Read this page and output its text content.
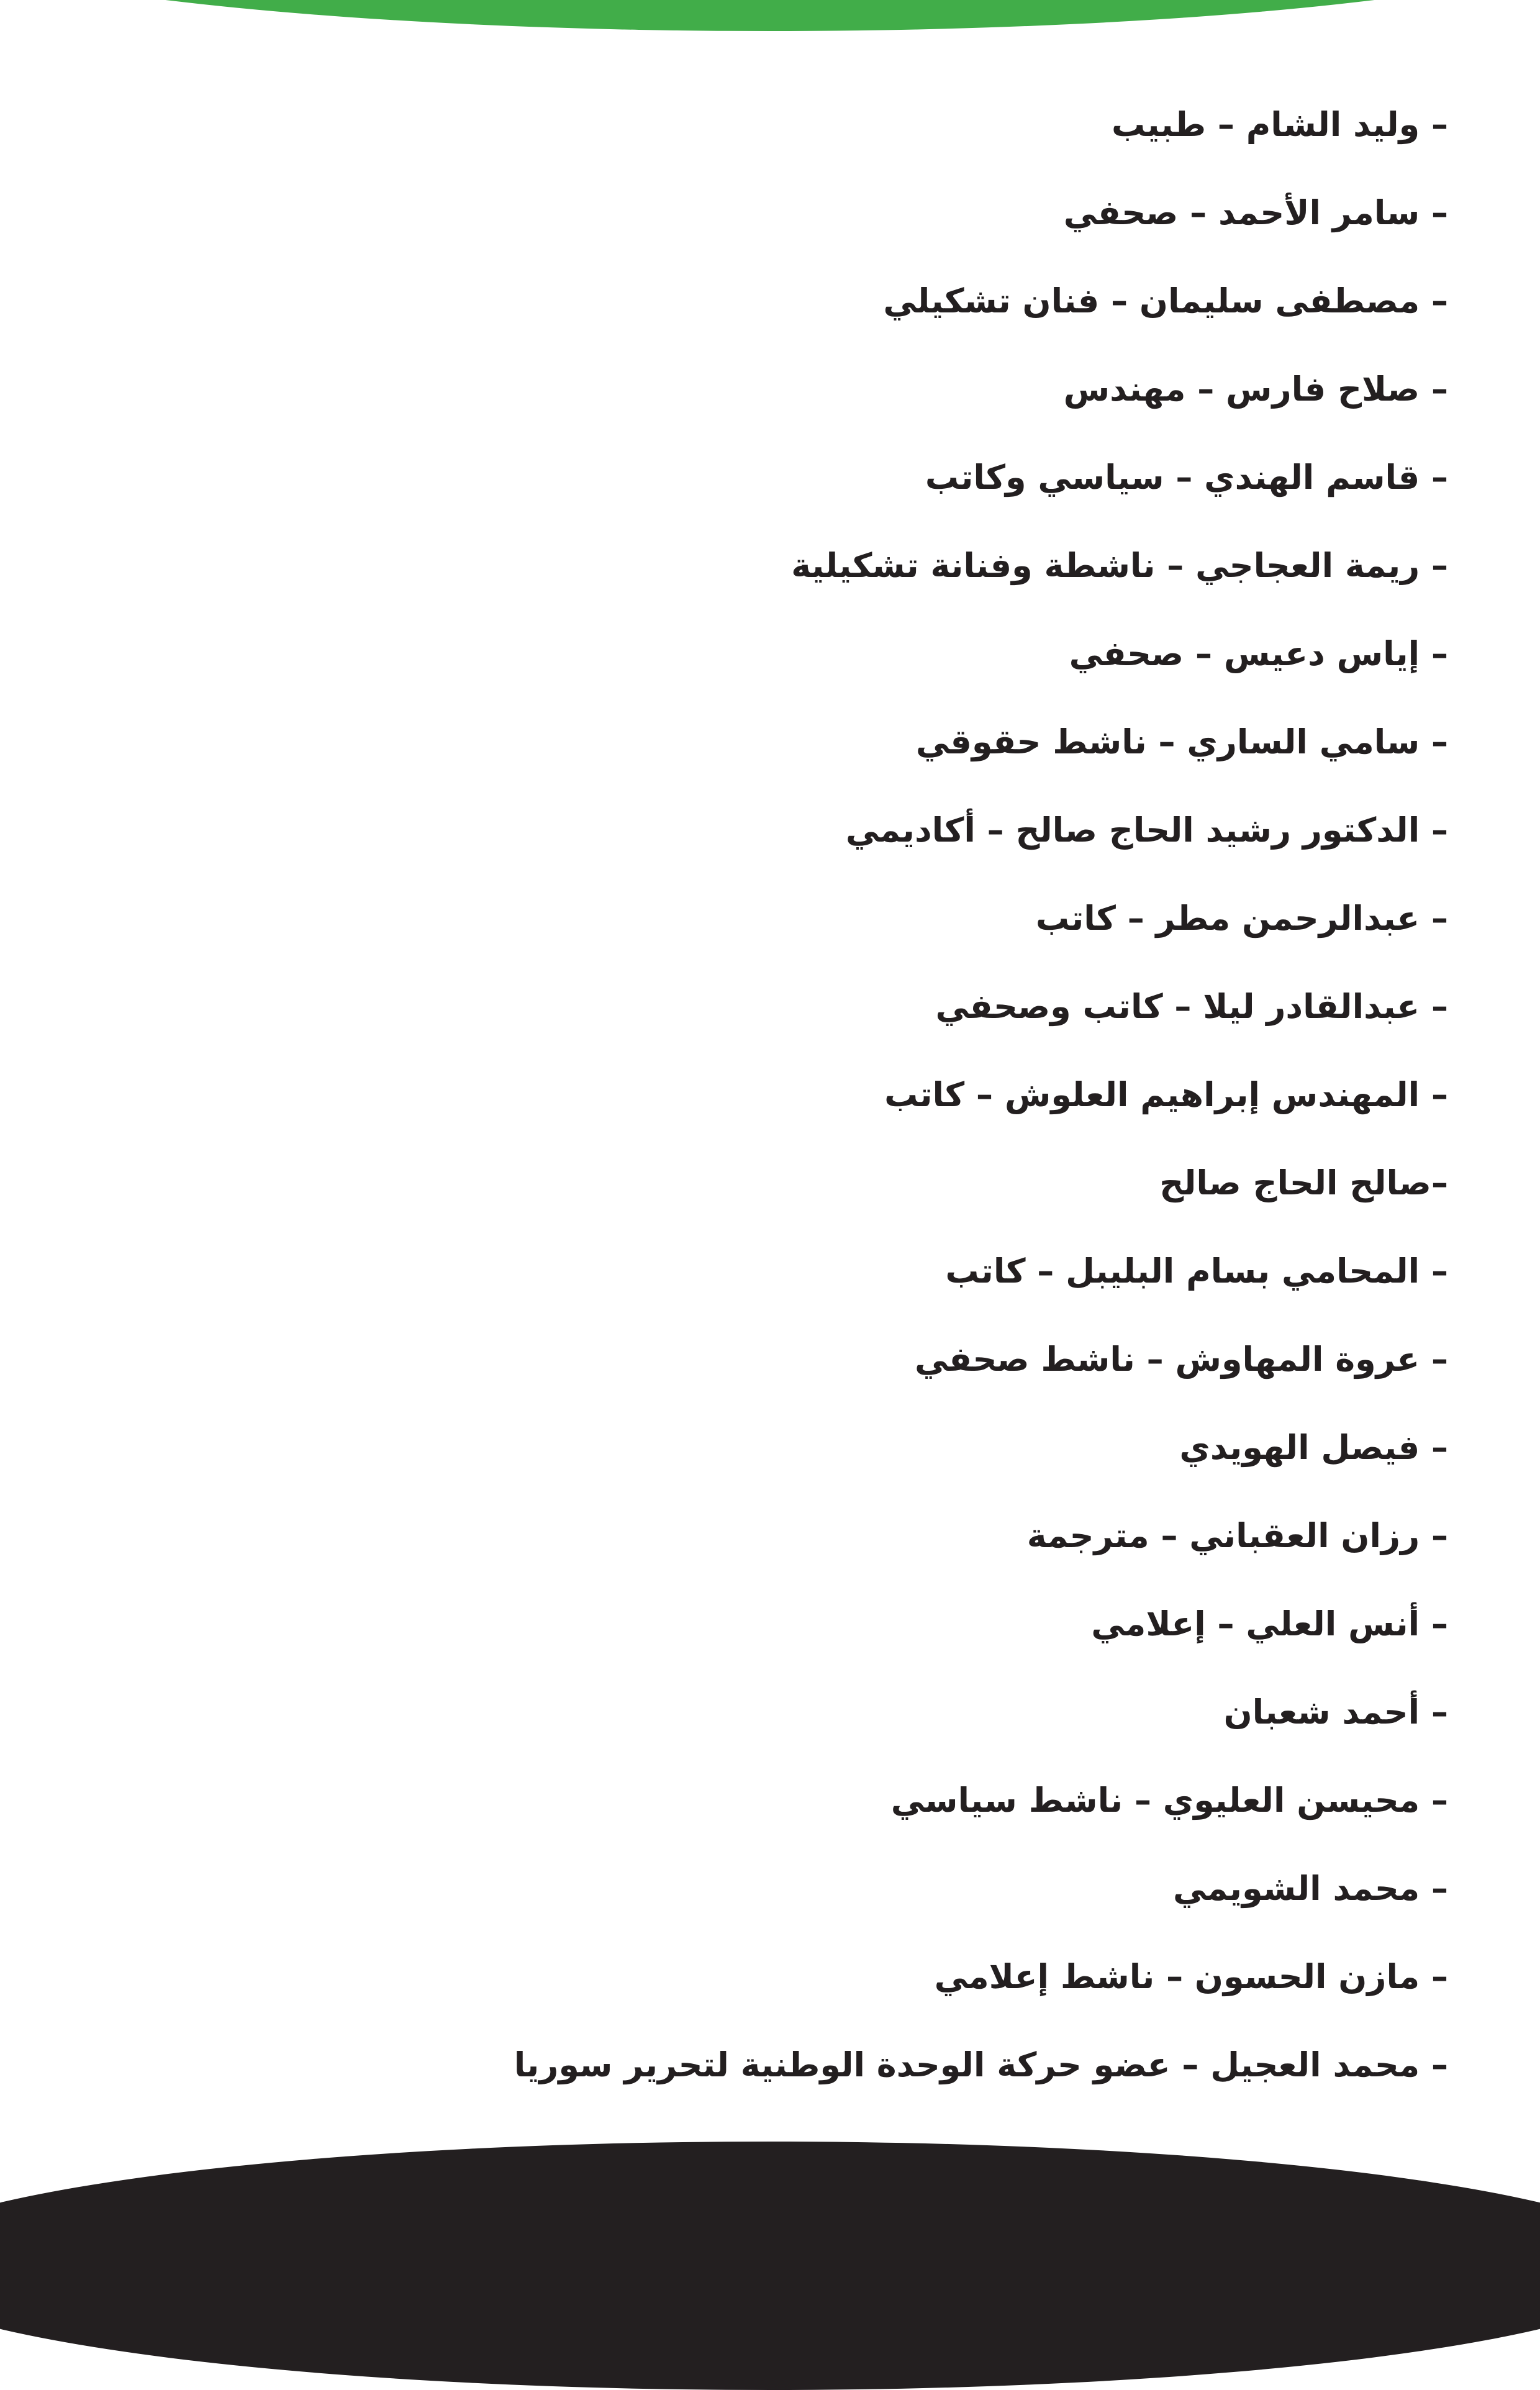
– وليد الشام – طبيب
– سامر الأحمد – صحفي
– مصطفى سليمان – فنان تشكيلي
– صلاح فارس – مهندس
– قاسم الهندي – سياسي وكاتب
– ريمة العجاجي – ناشطة وفنانة تشكيلية
– إياس دعيس – صحفي
– سامي الساري – ناشط حقوقي
– الدكتور رشيد الحاج صالح – أكاديمي
– عبدالرحمن مطر – كاتب
– عبدالقادر ليلا – كاتب وصحفي
– المهندس إبراهيم العلوش – كاتب
–صالح الحاج صالح
– المحامي بسام البليبل – كاتب
– عروة المهاوش – ناشط صحفي
– فيصل الهويدي
– رزان العقباني – مترجمة
– أنس العلي – إعلامي
– أحمد شعبان
– محيسن العليوي – ناشط سياسي
– محمد الشويمي
– مازن الحسون – ناشط إعلامي
– محمد العجيل – عضو حركة الوحدة الوطنية لتحرير سوريا
